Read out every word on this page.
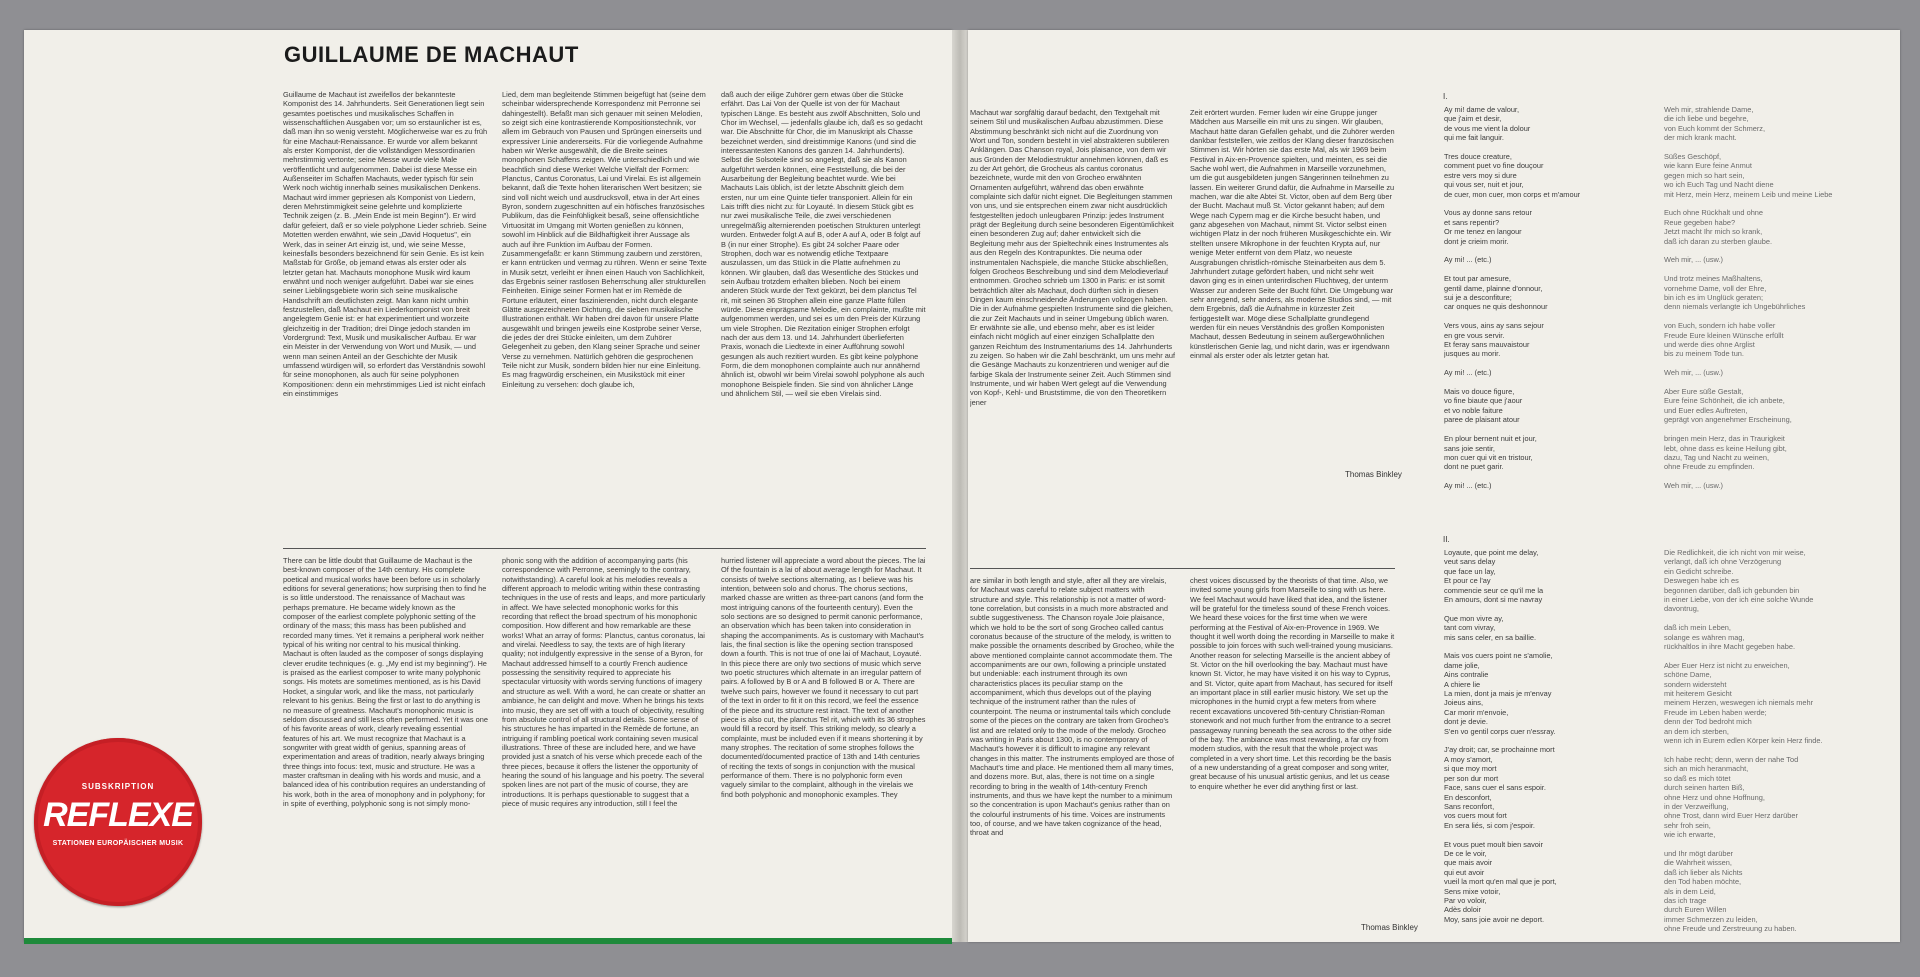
GUILLAUME DE MACHAUT

Guillaume de Machaut ist zweifellos der bekannteste Komponist des 14. Jahrhunderts. Seit Generationen liegt sein gesamtes poetisches und musikalisches Schaffen in wissenschaftlichen Ausgaben vor; um so erstaunlicher ist es, daß man ihn so wenig versteht. Möglicherweise war es zu früh für eine Machaut-Renaissance. Er wurde vor allem bekannt als erster Komponist, der die vollständigen Messordinarien mehrstimmig vertonte; seine Messe wurde viele Male veröffentlicht und aufgenommen. Dabei ist diese Messe ein Außenseiter im Schaffen Machauts, weder typisch für sein Werk noch wichtig innerhalb seines musikalischen Denkens. Machaut wird immer gepriesen als Komponist von Liedern, deren Mehrstimmigkeit seine gelehrte und komplizierte Technik zeigen (z. B. „Mein Ende ist mein Beginn"). Er wird dafür gefeiert, daß er so viele polyphone Lieder schrieb. Seine Motetten werden erwähnt, wie sein „David Hoquetus", ein Werk, das in seiner Art einzig ist, und, wie seine Messe, keinesfalls besonders bezeichnend für sein Genie. Es ist kein Maßstab für Größe, ob jemand etwas als erster oder als letzter getan hat. Machauts monophone Musik wird kaum erwähnt und noch weniger aufgeführt. Dabei war sie eines seiner Lieblingsgebiete worin sich seine musikalische Handschrift am deutlichsten zeigt. Man kann nicht umhin festzustellen, daß Machaut ein Liederkomponist von breit angelegtem Genie ist: er hat experimentiert und worzeite gleichzeitig in der Tradition; drei Dinge jedoch standen im Vordergrund: Text, Musik und musikalischer Aufbau. Er war ein Meister in der Verwendung von Wort und Musik, — und wenn man seinen Anteil an der Geschichte der Musik umfassend würdigen will, so erfordert das Verständnis sowohl für seine monophonen, als auch für seine polyphonen Kompositionen: denn ein mehrstimmiges Lied ist nicht einfach ein einstimmiges

Lied, dem man begleitende Stimmen beigefügt hat (seine dem scheinbar widersprechende Korrespondenz mit Perronne sei dahingestellt). Befaßt man sich genauer mit seinen Melodien, so zeigt sich eine kontrastierende Kompositionstechnik, vor allem im Gebrauch von Pausen und Sprüngen einerseits und expressiver Linie andererseits. Für die vorliegende Aufnahme haben wir Werke ausgewählt, die die Breite seines monophonen Schaffens zeigen. Wie unterschiedlich und wie beachtlich sind diese Werke! Welche Vielfalt der Formen: Planctus, Cantus Coronatus, Lai und Virelai. Es ist allgemein bekannt, daß die Texte hohen literarischen Wert besitzen; sie sind voll nicht weich und ausdrucksvoll, etwa in der Art eines Byron, sondern zugeschnitten auf ein höfisches französisches Publikum, das die Feinfühligkeit besaß, seine offensichtliche Virtuosität im Umgang mit Worten genießen zu können, sowohl im Hinblick auf die Bildhaftigkeit ihrer Aussage als auch auf ihre Funktion im Aufbau der Formen. Zusammengefaßt: er kann Stimmung zaubern und zerstören, er kann entrücken und vermag zu rühren. Wenn er seine Texte in Musik setzt, verleiht er ihnen einen Hauch von Sachlichkeit, das Ergebnis seiner rastlosen Beherrschung aller strukturellen Feinheiten. Einige seiner Formen hat er im Remède de Fortune erläutert, einer faszinierenden, nicht durch elegante Glätte ausgezeichneten Dichtung, die sieben musikalische Illustrationen enthält. Wir haben drei davon für unsere Platte ausgewählt und bringen jeweils eine Kostprobe seiner Verse, die jedes der drei Stücke einleiten, um dem Zuhörer Gelegenheit zu geben, den Klang seiner Sprache und seiner Verse zu vernehmen. Natürlich gehören die gesprochenen Teile nicht zur Musik, sondern bilden hier nur eine Einleitung. Es mag fragwürdig erscheinen, ein Musikstück mit einer Einleitung zu versehen: doch glaube ich,

daß auch der eilige Zuhörer gern etwas über die Stücke erfährt. Das Lai Von der Quelle ist von der für Machaut typischen Länge. Es besteht aus zwölf Abschnitten, Solo und Chor im Wechsel, — jedenfalls glaube ich, daß es so gedacht war. Die Abschnitte für Chor, die im Manuskript als Chasse bezeichnet werden, sind dreistimmige Kanons (und sind die interessantesten Kanons des ganzen 14. Jahrhunderts). Selbst die Solsoteile sind so angelegt, daß sie als Kanon aufgeführt werden können, eine Feststellung, die bei der Ausarbeitung der Begleitung beachtet wurde. Wie bei Machauts Lais üblich, ist der letzte Abschnitt gleich dem ersten, nur um eine Quinte tiefer transponiert. Allein für ein Lais trifft dies nicht zu: für Loyauté. In diesem Stück gibt es nur zwei musikalische Teile, die zwei verschiedenen unregelmäßig alternierenden poetischen Strukturen unterlegt wurden. Entweder folgt A auf B, oder A auf A, oder B folgt auf B (in nur einer Strophe). Es gibt 24 solcher Paare oder Strophen, doch war es notwendig etliche Textpaare auszulassen, um das Stück in die Platte aufnehmen zu können. Wir glauben, daß das Wesentliche des Stückes und sein Aufbau trotzdem erhalten blieben. Noch bei einem anderen Stück wurde der Text gekürzt, bei dem planctus Tel rit, mit seinen 36 Strophen allein eine ganze Platte füllen würde. Diese einprägsame Melodie, ein complainte, mußte mit aufgenommen werden, und sei es um den Preis der Kürzung um viele Strophen. Die Rezitation einiger Strophen erfolgt nach der aus dem 13. und 14. Jahrhundert überlieferten Praxis, wonach die Liedtexte in einer Aufführung sowohl gesungen als auch rezitiert wurden. Es gibt keine polyphone Form, die dem monophonen complainte auch nur annähernd ähnlich ist, obwohl wir beim Virelai sowohl polyphone als auch monophone Beispiele finden. Sie sind von ähnlicher Länge und ähnlichem Stil, — weil sie eben Virelais sind.

There can be little doubt that Guillaume de Machaut is the best-known composer of the 14th century. His complete poetical and musical works have been before us in scholarly editions for several generations; how surprising then to find he is so little understood. The renaissance of Machaut was perhaps premature. He became widely known as the composer of the earliest complete polyphonic setting of the ordinary of the mass; this mass has been published and recorded many times. Yet it remains a peripheral work neither typical of his writing nor central to his musical thinking. Machaut is often lauded as the composer of songs displaying clever erudite techniques (e. g. „My end ist my beginning"). He is praised as the earliest composer to write many polyphonic songs. His motets are sometimes mentioned, as is his David Hocket, a singular work, and like the mass, not particularly relevant to his genius. Being the first or last to do anything is no measure of greatness. Machaut's monophonic music is seldom discussed and still less often performed. Yet it was one of his favorite areas of work, clearly revealing essential features of his art. We must recognize that Machaut is a songwriter with great width of genius, spanning areas of experimentation and areas of tradition, nearly always bringing three things into focus: text, music and structure. He was a master craftsman in dealing with his words and music, and a balanced idea of his contribution requires an understanding of his work, both in the area of monophony and in polyphony; for in spite of everthing, polyphonic song is not simply mono-

phonic song with the addition of accompanying parts (his correspondence with Perronne, seemingly to the contrary, notwithstanding). A careful look at his melodies reveals a different approach to melodic writing within these contrasting techniques in the use of rests and leaps, and more particularly in affect. We have selected monophonic works for this recording that reflect the broad spectrum of his monophonic composition. How different and how remarkable are these works! What an array of forms: Planctus, cantus coronatus, lai and virelai. Needless to say, the texts are of high literary quality; not indulgently expressive in the sense of a Byron, for Machaut addressed himself to a courtly French audience possessing the sensitivity required to appreciate his spectacular virtuosity with words serving functions of imagery and structure as well. With a word, he can create or shatter an ambiance, he can delight and move. When he brings his texts into music, they are set off with a touch of objectivity, resulting from absolute control of all structural details. Some sense of his structures he has imparted in the Remède de fortune, an intriguing if rambling poetical work containing seven musical illustrations. Three of these are included here, and we have provided just a snatch of his verse which precede each of the three pieces, because it offers the listener the opportunity of hearing the sound of his language and his poetry. The several spoken lines are not part of the music of course, they are introductions. It is perhaps questionable to suggest that a piece of music requires any introduction, still I feel the

hurried listener will appreciate a word about the pieces. The lai Of the fountain is a lai of about average length for Machaut. It consists of twelve sections alternating, as I believe was his intention, between solo and chorus. The chorus sections, marked chasse are written as three-part canons (and form the most intriguing canons of the fourteenth century). Even the solo sections are so designed to permit canonic performance, an observation which has been taken into consideration in shaping the accompaniments. As is customary with Machaut's lais, the final section is like the opening section transposed down a fourth. This is not true of one lai of Machaut, Loyauté. In this piece there are only two sections of music which serve two poetic structures which alternate in an irregular pattern of pairs. A followed by B or A and B followed B or A. There are twelve such pairs, however we found it necessary to cut part of the text in order to fit it on this record, we feel the essence of the piece and its structure rest intact. The text of another piece is also cut, the planctus Tel rit, which with its 36 strophes would fill a record by itself. This striking melody, so clearly a complainte, must be included even if it means shortening it by many strophes. The recitation of some strophes follows the documented/documented practice of 13th and 14th centuries of reciting the texts of songs in conjunction with the musical performance of them. There is no polyphonic form even vaguely similar to the complaint, although in the virelais we find both polyphonic and monophonic examples. They

SUBSKRIPTION
REFLEXE
STATIONEN EUROPÄISCHER MUSIK

Machaut war sorgfältig darauf bedacht, den Textgehalt mit seinem Stil und musikalischen Aufbau abzustimmen. Diese Abstimmung beschränkt sich nicht auf die Zuordnung von Wort und Ton, sondern besteht in viel abstrakteren subtileren Anklängen. Das Chanson royal, Jois plaisance, von dem wir aus Gründen der Melodiestruktur annehmen können, daß es zu der Art gehört, die Grocheus als cantus coronatus bezeichnete, wurde mit den von Grocheo erwähnten Ornamenten aufgeführt, während das oben erwähnte complainte sich dafür nicht eignet. Die Begleitungen stammen von uns, und sie entsprechen einem zwar nicht ausdrücklich festgestellten jedoch unleugbaren Prinzip: jedes Instrument prägt der Begleitung durch seine besonderen Eigentümlichkeit einen besonderen Zug auf; daher entwickelt sich die Begleitung mehr aus der Spieltechnik eines Instrumentes als aus den Regeln des Kontrapunktes. Die neuma oder instrumentalen Nachspiele, die manche Stücke abschließen, folgen Grocheos Beschreibung und sind dem Melodieverlauf entnommen. Grocheo schrieb um 1300 in Paris: er ist somit beträchtlich älter als Machaut, doch dürften sich in diesen Dingen kaum einschneidende Änderungen vollzogen haben. Die in der Aufnahme gespielten Instrumente sind die gleichen, die zur Zeit Machauts und in seiner Umgebung üblich waren. Er erwähnte sie alle, und ebenso mehr, aber es ist leider einfach nicht möglich auf einer einzigen Schallplatte den ganzen Reichtum des Instrumentariums des 14. Jahrhunderts zu zeigen. So haben wir die Zahl beschränkt, um uns mehr auf die Gesänge Machauts zu konzentrieren und weniger auf die farbige Skala der Instrumente seiner Zeit. Auch Stimmen sind Instrumente, und wir haben Wert gelegt auf die Verwendung von Kopf-, Kehl- und Bruststimme, die von den Theoretikern jener

Zeit erörtert wurden. Ferner luden wir eine Gruppe junger Mädchen aus Marseille ein mit uns zu singen. Wir glauben, Machaut hätte daran Gefallen gehabt, und die Zuhörer werden dankbar feststellen, wie zeitlos der Klang dieser französischen Stimmen ist. Wir hörten sie das erste Mal, als wir 1969 beim Festival in Aix-en-Provence spielten, und meinten, es sei die Sache wohl wert, die Aufnahmen in Marseille vorzunehmen, um die gut ausgebildeten jungen Sängerinnen teilnehmen zu lassen. Ein weiterer Grund dafür, die Aufnahme in Marseille zu machen, war die alte Abtei St. Victor, oben auf dem Berg über der Bucht. Machaut muß St. Victor gekannt haben; auf dem Wege nach Cypern mag er die Kirche besucht haben, und ganz abgesehen von Machaut, nimmt St. Victor selbst einen wichtigen Platz in der noch früheren Musikgeschichte ein. Wir stellten unsere Mikrophone in der feuchten Krypta auf, nur wenige Meter entfernt von dem Platz, wo neueste Ausgrabungen christlich-römische Steinarbeiten aus dem 5. Jahrhundert zutage gefördert haben, und nicht sehr weit davon ging es in einen unterirdischen Fluchtweg, der unterm Wasser zur anderen Seite der Bucht führt. Die Umgebung war sehr anregend, sehr anders, als moderne Studios sind, — mit dem Ergebnis, daß die Aufnahme in kürzester Zeit fertiggestellt war. Möge diese Schallplatte grundlegend werden für ein neues Verständnis des großen Komponisten Machaut, dessen Bedeutung in seinem außergewöhnlichen künstlerischen Genie lag, und nicht darin, was er irgendwann einmal als erster oder als letzter getan hat.

Thomas Binkley

are similar in both length and style, after all they are virelais, for Machaut was careful to relate subject matters with structure and style. This relationship is not a matter of word-tone correlation, but consists in a much more abstracted and subtle suggestiveness. The Chanson royale Joie plaisance, which we hold to be the sort of song Grocheo called cantus coronatus because of the structure of the melody, is written to make possible the ornaments described by Grocheo, while the above mentioned complainte cannot accommodate them. The accompaniments are our own, following a principle unstated but undeniable: each instrument through its own characteristics places its peculiar stamp on the accompaniment, which thus develops out of the playing technique of the instrument rather than the rules of counterpoint. The neuma or instrumental tails which conclude some of the pieces on the contrary are taken from Grocheo's list and are related only to the mode of the melody. Grocheo was writing in Paris about 1300, is no contemporary of Machaut's however it is difficult to imagine any relevant changes in this matter. The instruments employed are those of Machaut's time and place. He mentioned them all many times, and dozens more. But, alas, there is not time on a single recording to bring in the wealth of 14th-century French instruments, and thus we have kept the number to a minimum so the concentration is upon Machaut's genius rather than on the colourful instruments of his time. Voices are instruments too, of course, and we have taken cognizance of the head, throat and

chest voices discussed by the theorists of that time. Also, we invited some young girls from Marseille to sing with us here. We feel Machaut would have liked that idea, and the listener will be grateful for the timeless sound of these French voices. We heard these voices for the first time when we were performing at the Festival of Aix-en-Provence in 1969. We thought it well worth doing the recording in Marseille to make it possible to join forces with such well-trained young musicians. Another reason for selecting Marseille is the ancient abbey of St. Victor on the hill overlooking the bay. Machaut must have known St. Victor, he may have visited it on his way to Cyprus, and St. Victor, quite apart from Machaut, has secured for itself an important place in still earlier music history. We set up the microphones in the humid crypt a few meters from where recent excavations uncovered 5th-century Christian-Roman stonework and not much further from the entrance to a secret passageway running beneath the sea across to the other side of the bay. The ambiance was most rewarding, a far cry from modern studios, with the result that the whole project was completed in a very short time. Let this recording be the basis of a new understanding of a great composer and song writer, great because of his unusual artistic genius, and let us cease to enquire whether he ever did anything first or last.

Thomas Binkley
I.
Ay mi! dame de valour,
que j'aim et desir,
de vous me vient la dolour
qui me fait languir.
Tres douce creature,
comment puet vo fine douçour
estre vers moy si dure
qui vous ser, nuit et jour,
de cuer, mon cuer, mon corps et m'amour
Vous ay donne sans retour
et sans repentir?
Or me tenez en langour
dont je crieim morir.
Ay mi! ... (etc.)
Et tout par amesure,
gentil dame, plainne d'onnour,
sui je a desconfiture;
car onques ne quis deshonnour
Vers vous, ains ay sans sejour
en gre vous servir.
Et feray sans mauvaistour
jusques au morir.
Ay mi! ... (etc.)
Mais vo douce figure,
vo fine biaute que j'aour
et vo noble faiture
paree de plaisant atour
En plour bernent nuit et jour,
sans joie sentir,
mon cuer qui vit en tristour,
dont ne puet garir.
Ay mi! ... (etc.)
Weh mir, strahlende Dame,
die ich liebe und begehre,
von Euch kommt der Schmerz,
der mich krank macht.
Süßes Geschöpf,
wie kann Eure feine Anmut
gegen mich so hart sein,
wo ich Euch Tag und Nacht diene
mit Herz, mein Herz, meinem Leib und meine Liebe
Euch ohne Rückhalt und ohne
Reue gegeben habe?
Jetzt macht Ihr mich so krank,
daß ich daran zu sterben glaube.
Weh mir, ... (usw.)
Und trotz meines Maßhaltens,
vornehme Dame, voll der Ehre,
bin ich es im Unglück geraten;
denn niemals verlangte ich Ungebührliches
von Euch, sondern ich habe voller
Freude Eure kleinen Wünsche erfüllt
und werde dies ohne Arglist
bis zu meinem Tode tun.
Weh mir, ... (usw.)
Aber Eure süße Gestalt,
Eure feine Schönheit, die ich anbete,
und Euer edles Auftreten,
geprägt von angenehmer Erscheinung,
bringen mein Herz, das in Traurigkeit
lebt, ohne dass es keine Heilung gibt,
dazu, Tag und Nacht zu weinen,
ohne Freude zu empfinden.
Weh mir, ... (usw.)
II.
Loyaute, que point me delay,
veut sans delay
que face un lay,
Et pour ce l'ay
commencie seur ce qu'il me la
En amours, dont si me navray
Que mon vivre ay,
tant com vivray,
mis sans celer, en sa baillie.
Mais vos cuers point ne s'amolie,
dame jolie,
Ains contralie
A chiere lie
La mien, dont ja mais je m'envay
Joieus ains,
Car morir m'envoie,
dont je devie.
S'en vo gentil corps cuer n'essray.
J'ay droit; car, se prochainne mort
A moy s'amort,
si que moy mort
per son dur mort
Face, sans cuer el sans espoir.
En desconfort,
Sans reconfort,
vos cuers mout fort
En sera liés, si com j'espoir.
Et vous puet moult bien savoir
De ce le voir,
que mais avoir
qui eut avoir
vueil la mort qu'en mal que je port,
Sens mixe votoir,
Par vo voloir,
Adès doloir
Moy, sans joie avoir ne deport.
Die Redlichkeit, die ich nicht von mir weise,
verlangt, daß ich ohne Verzögerung
ein Gedicht schreibe.
Deswegen habe ich es
begonnen darüber, daß ich gebunden bin
in einer Liebe, von der ich eine solche Wunde
davontrug,
daß ich mein Leben,
solange es währen mag,
rückhaltlos in ihre Macht gegeben habe.
Aber Euer Herz ist nicht zu erweichen,
schöne Dame,
sondern widersteht
mit heiterem Gesicht
meinem Herzen, weswegen ich niemals mehr
Freude im Leben haben werde;
denn der Tod bedroht mich
an dem ich sterben,
wenn ich in Eurem edlen Körper kein Herz finde.
Ich habe recht; denn, wenn der nahe Tod
sich an mich heranmacht,
so daß es mich tötet
durch seinen harten Biß,
ohne Herz und ohne Hoffnung,
in der Verzweiflung,
ohne Trost, dann wird Euer Herz darüber
sehr froh sein,
wie ich erwarte,
und Ihr mögt darüber
die Wahrheit wissen,
daß ich lieber als Nichts
den Tod haben möchte,
als in dem Leid,
das ich trage
durch Euren Willen
immer Schmerzen zu leiden,
ohne Freude und Zerstreuung zu haben.
